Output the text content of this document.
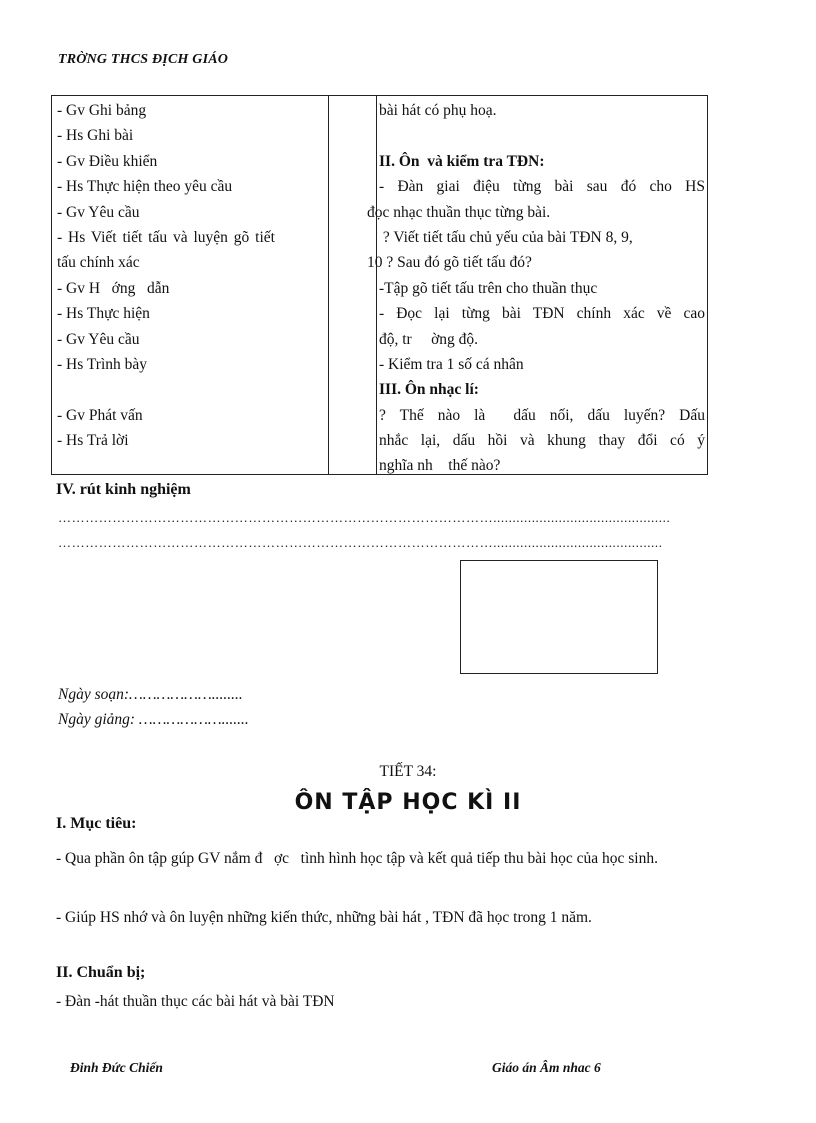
TRỜNG THCS ĐỊCH GIÁO
- Gv Ghi bảng
- Hs Ghi bài
- Gv Điều khiển
- Hs Thực hiện theo yêu cầu
- Gv Yêu cầu
- Hs Viết tiết tấu và luyện gõ tiết
tấu chính xác
- Gv H   ớng   dẫn
- Hs Thực hiện
- Gv Yêu cầu
- Hs Trình bày
- Gv Phát vấn
- Hs Trả lời
bài hát có phụ hoạ.
II. Ôn  và kiểm tra TĐN:
- Đàn giai điệu từng bài sau đó cho HS
đọc nhạc thuần thục từng bài.
? Viết tiết tấu chủ yếu của bài TĐN 8, 9,
10 ? Sau đó gõ tiết tấu đó?
-Tập gõ tiết tấu trên cho thuần thục
- Đọc lại từng bài TĐN chính xác về cao
độ, tr     ờng độ.
- Kiểm tra 1 số cá nhân
III. Ôn nhạc lí:
? Thế nào là  dấu nối, dấu luyến? Dấu
nhắc lại, dấu hồi và khung thay đổi có ý
nghĩa nh    thế nào?
IV. rút kinh nghiệm
……………………………………………………………………………………..............................................
……………………………………………………………………………………............................................
Ngày soạn:………………........
Ngày giảng: ……………….......
TIẾT 34:
ÔN TẬP HỌC KÌ II
I. Mục tiêu:
- Qua phần ôn tập gúp GV nắm đ   ợc   tình hình học tập và kết quả tiếp thu bài học của học sinh.
- Giúp HS nhớ và ôn luyện những kiến thức, những bài hát , TĐN đã học trong 1 năm.
II. Chuẩn bị;
- Đàn -hát thuần thục các bài hát và bài TĐN
Đinh Đức Chiến	Giáo án Âm nhac 6
